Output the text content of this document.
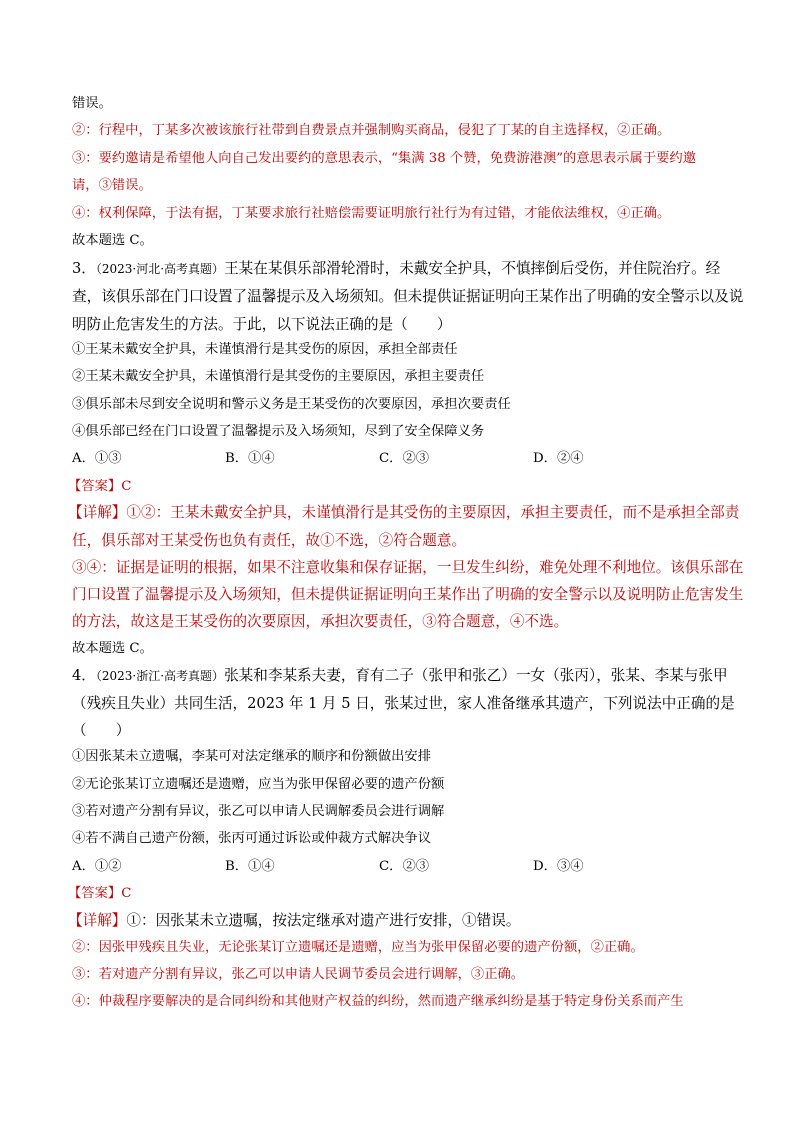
错误。
②：行程中，丁某多次被该旅行社带到自费景点并强制购买商品，侵犯了丁某的自主选择权，②正确。
③：要约邀请是希望他人向自己发出要约的意思表示，“集满 38 个赞，免费游港澳”的意思表示属于要约邀
请，③错误。
④：权利保障，于法有据，丁某要求旅行社赔偿需要证明旅行社行为有过错，才能依法维权，④正确。
故本题选 C。
3．（2023·河北·高考真题）王某在某俱乐部滑轮滑时，未戴安全护具，不慎摔倒后受伤，并住院治疗。经
查，该俱乐部在门口设置了温馨提示及入场须知。但未提供证据证明向王某作出了明确的安全警示以及说
明防止危害发生的方法。于此，以下说法正确的是（　　）
①王某未戴安全护具，未谨慎滑行是其受伤的原因，承担全部责任
②王某未戴安全护具，未谨慎滑行是其受伤的主要原因，承担主要责任
③俱乐部未尽到安全说明和警示义务是王某受伤的次要原因，承担次要责任
④俱乐部已经在门口设置了温馨提示及入场须知，尽到了安全保障义务
A．①③	B．①④	C．②③	D．②④
【答案】C
【详解】①②：王某未戴安全护具，未谨慎滑行是其受伤的主要原因，承担主要责任，而不是承担全部责
任，俱乐部对王某受伤也负有责任，故①不选，②符合题意。
③④：证据是证明的根据，如果不注意收集和保存证据，一旦发生纠纷，难免处理不利地位。该俱乐部在
门口设置了温馨提示及入场须知，但未提供证据证明向王某作出了明确的安全警示以及说明防止危害发生
的方法，故这是王某受伤的次要原因，承担次要责任，③符合题意，④不选。
故本题选 C。
4．（2023·浙江·高考真题）张某和李某系夫妻，育有二子（张甲和张乙）一女（张丙），张某、李某与张甲
（残疾且失业）共同生活，2023 年 1 月 5 日，张某过世，家人准备继承其遗产，下列说法中正确的是
（　　）
①因张某未立遗嘱，李某可对法定继承的顺序和份额做出安排
②无论张某订立遗嘱还是遗赠，应当为张甲保留必要的遗产份额
③若对遗产分割有异议，张乙可以申请人民调解委员会进行调解
④若不满自己遗产份额，张丙可通过诉讼或仲裁方式解决争议
A．①②	B．①④	C．②③	D．③④
【答案】C
【详解】①：因张某未立遗嘱，按法定继承对遗产进行安排，①错误。
②：因张甲残疾且失业，无论张某订立遗嘱还是遗赠，应当为张甲保留必要的遗产份额，②正确。
③：若对遗产分割有异议，张乙可以申请人民调节委员会进行调解，③正确。
④：仲裁程序要解决的是合同纠纷和其他财产权益的纠纷，然而遗产继承纠纷是基于特定身份关系而产生
